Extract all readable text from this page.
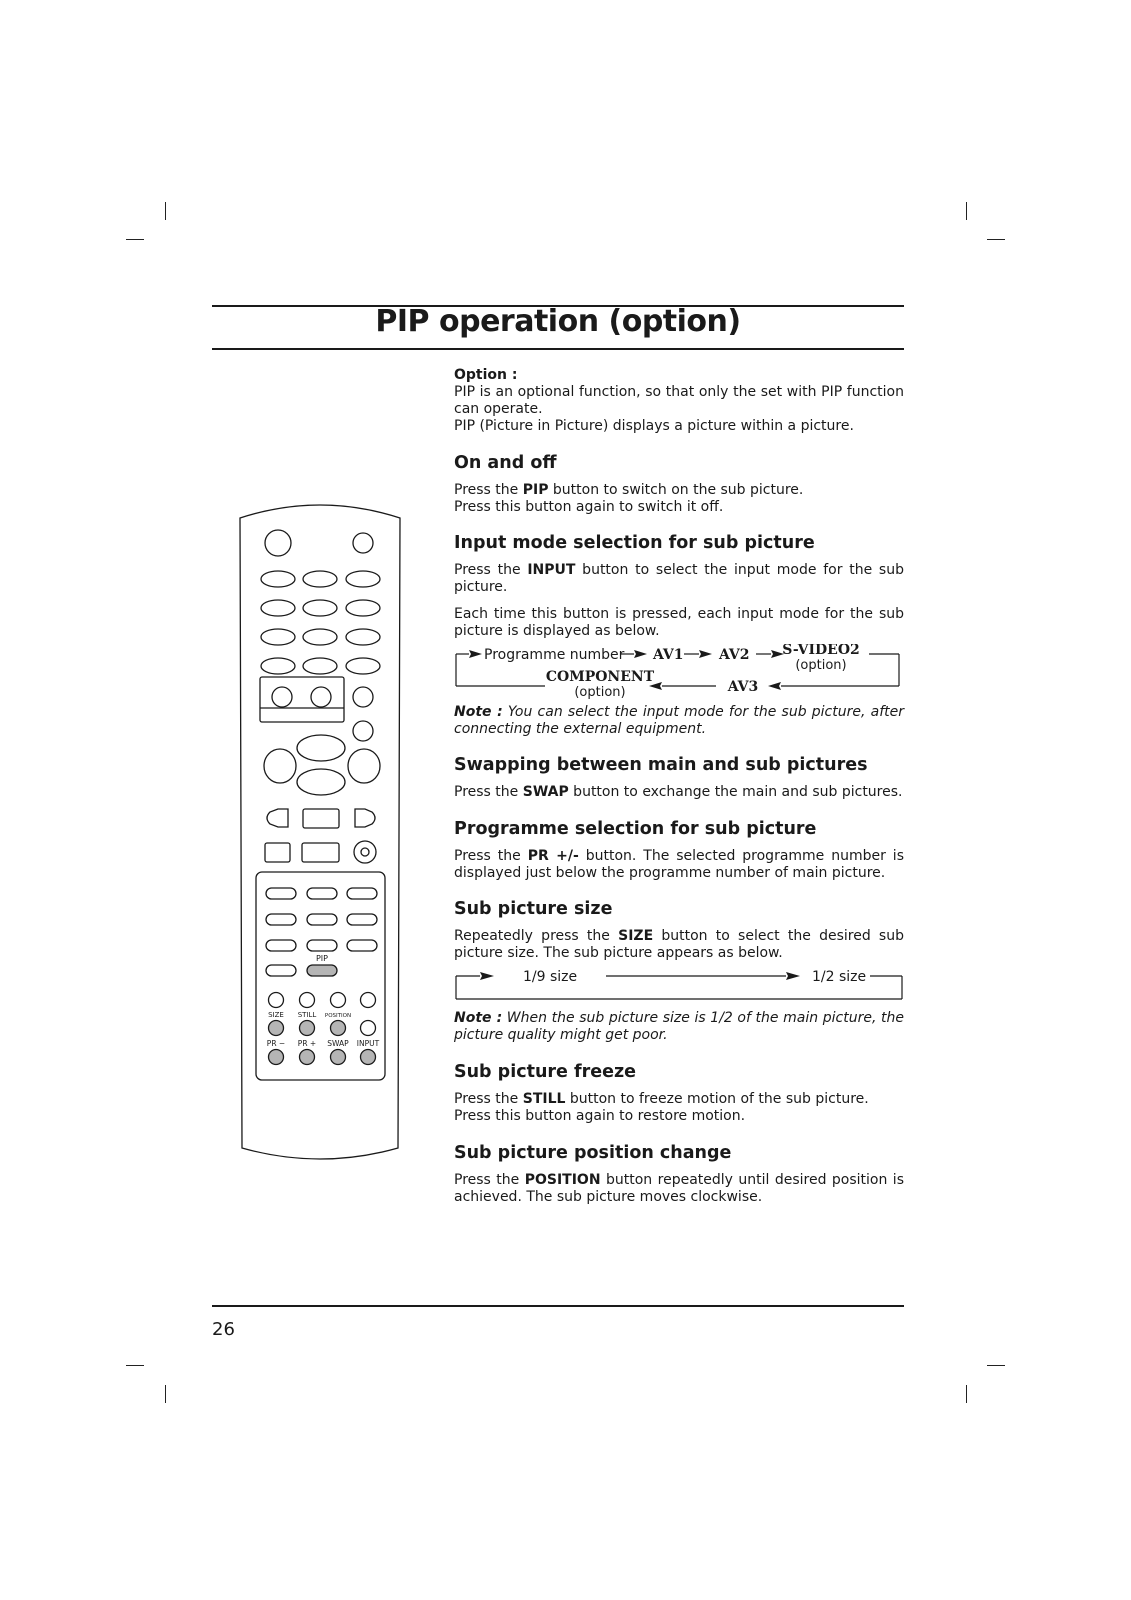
PIP operation (option)
PIP
SIZE STILL POSITION
PR − PR + SWAP INPUT

Option :

PIP is an optional function, so that only the set with PIP function can operate.

PIP (Picture in Picture) displays a picture within a picture.

On and off

Press the PIP button to switch on the sub picture.

Press this button again to switch it off.

Input mode selection for sub picture

Press the INPUT button to select the input mode for the sub picture.

Each time this button is pressed, each input mode for the sub picture is displayed as below.

Programme number AV1	AV2 S-VIDEO2
(option)
AV3
COMPONENT
(option)

Note : You can select the input mode for the sub picture, after connecting the external equipment.

Swapping between main and sub pictures

Press the SWAP button to exchange the main and sub pictures.

Programme selection for sub picture

Press the PR +/- button. The selected programme number is displayed just below the programme number of main picture.

Sub picture size

Repeatedly press the SIZE button to select the desired sub picture size. The sub picture appears as below.

1/9 size	1/2 size

Note : When the sub picture size is 1/2 of the main picture, the picture quality might get poor.

Sub picture freeze

Press the STILL button to freeze motion of the sub picture.

Press this button again to restore motion.

Sub picture position change

Press the POSITION button repeatedly until desired position is achieved. The sub picture moves clockwise.

26
